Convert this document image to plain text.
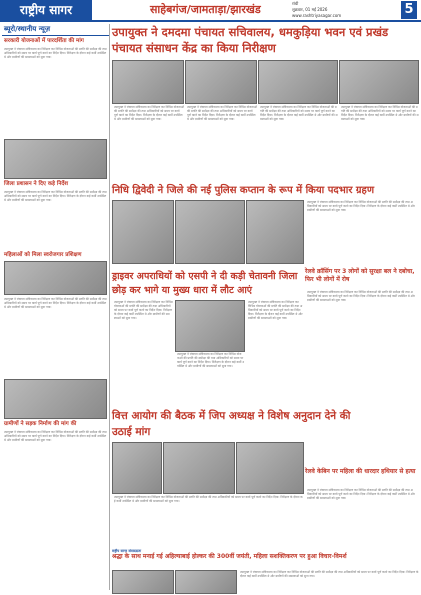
राष्ट्रीय सागर	साहेबगंज/जामताड़ा/झारखंड	रांची
शुक्रवार, 01 मई 2026
www.rashtriyasagar.com	5
ब्यूरो/स्थानीय न्यूज़
सरकारी योजनाओं में पारदर्शिता की मांग
उपायुक्त ने पंचायत सचिवालय का निरीक्षण कर विभिन्न योजनाओं की प्रगति की समीक्षा की तथा अधिकारियों को समय पर कार्य पूर्ण करने का निर्देश दिया। निरीक्षण के दौरान कई कर्मी उपस्थित थे और ग्रामीणों की समस्याओं को सुना गया।
जिला प्रशासन ने दिए कड़े निर्देश
उपायुक्त ने पंचायत सचिवालय का निरीक्षण कर विभिन्न योजनाओं की प्रगति की समीक्षा की तथा अधिकारियों को समय पर कार्य पूर्ण करने का निर्देश दिया। निरीक्षण के दौरान कई कर्मी उपस्थित थे और ग्रामीणों की समस्याओं को सुना गया।
महिलाओं को मिला स्वरोजगार प्रशिक्षण
उपायुक्त ने पंचायत सचिवालय का निरीक्षण कर विभिन्न योजनाओं की प्रगति की समीक्षा की तथा अधिकारियों को समय पर कार्य पूर्ण करने का निर्देश दिया। निरीक्षण के दौरान कई कर्मी उपस्थित थे और ग्रामीणों की समस्याओं को सुना गया।
ग्रामीणों ने सड़क निर्माण की मांग की
उपायुक्त ने पंचायत सचिवालय का निरीक्षण कर विभिन्न योजनाओं की प्रगति की समीक्षा की तथा अधिकारियों को समय पर कार्य पूर्ण करने का निर्देश दिया। निरीक्षण के दौरान कई कर्मी उपस्थित थे और ग्रामीणों की समस्याओं को सुना गया।
उपायुक्त ने दमदमा पंचायत सचिवालय, धमकुड़िया भवन एवं प्रखंड पंचायत संसाधन केंद्र का किया निरीक्षण
उपायुक्त ने पंचायत सचिवालय का निरीक्षण कर विभिन्न योजनाओं की प्रगति की समीक्षा की तथा अधिकारियों को समय पर कार्य पूर्ण करने का निर्देश दिया। निरीक्षण के दौरान कई कर्मी उपस्थित थे और ग्रामीणों की समस्याओं को सुना गया।
उपायुक्त ने पंचायत सचिवालय का निरीक्षण कर विभिन्न योजनाओं की प्रगति की समीक्षा की तथा अधिकारियों को समय पर कार्य पूर्ण करने का निर्देश दिया। निरीक्षण के दौरान कई कर्मी उपस्थित थे और ग्रामीणों की समस्याओं को सुना गया।
उपायुक्त ने पंचायत सचिवालय का निरीक्षण कर विभिन्न योजनाओं की प्रगति की समीक्षा की तथा अधिकारियों को समय पर कार्य पूर्ण करने का निर्देश दिया। निरीक्षण के दौरान कई कर्मी उपस्थित थे और ग्रामीणों की समस्याओं को सुना गया।
उपायुक्त ने पंचायत सचिवालय का निरीक्षण कर विभिन्न योजनाओं की प्रगति की समीक्षा की तथा अधिकारियों को समय पर कार्य पूर्ण करने का निर्देश दिया। निरीक्षण के दौरान कई कर्मी उपस्थित थे और ग्रामीणों की समस्याओं को सुना गया।
निधि द्विवेदी ने जिले की नई पुलिस कप्तान के रूप में किया पदभार ग्रहण
उपायुक्त ने पंचायत सचिवालय का निरीक्षण कर विभिन्न योजनाओं की प्रगति की समीक्षा की तथा अधिकारियों को समय पर कार्य पूर्ण करने का निर्देश दिया। निरीक्षण के दौरान कई कर्मी उपस्थित थे और ग्रामीणों की समस्याओं को सुना गया।
ड्राइवर अपराधियों को एसपी ने दी कड़ी चेतावनी जिला छोड़ कर भागे या मुख्य धारा में लौट आएं
उपायुक्त ने पंचायत सचिवालय का निरीक्षण कर विभिन्न योजनाओं की प्रगति की समीक्षा की तथा अधिकारियों को समय पर कार्य पूर्ण करने का निर्देश दिया। निरीक्षण के दौरान कई कर्मी उपस्थित थे और ग्रामीणों की समस्याओं को सुना गया।
उपायुक्त ने पंचायत सचिवालय का निरीक्षण कर विभिन्न योजनाओं की प्रगति की समीक्षा की तथा अधिकारियों को समय पर कार्य पूर्ण करने का निर्देश दिया। निरीक्षण के दौरान कई कर्मी उपस्थित थे और ग्रामीणों की समस्याओं को सुना गया।
उपायुक्त ने पंचायत सचिवालय का निरीक्षण कर विभिन्न योजनाओं की प्रगति की समीक्षा की तथा अधिकारियों को समय पर कार्य पूर्ण करने का निर्देश दिया। निरीक्षण के दौरान कई कर्मी उपस्थित थे और ग्रामीणों की समस्याओं को सुना गया।
रेलवे क्रॉसिंग पर 3 लोगों को सुरक्षा बल ने दबोचा, फिर भी लोगों में रोष
उपायुक्त ने पंचायत सचिवालय का निरीक्षण कर विभिन्न योजनाओं की प्रगति की समीक्षा की तथा अधिकारियों को समय पर कार्य पूर्ण करने का निर्देश दिया। निरीक्षण के दौरान कई कर्मी उपस्थित थे और ग्रामीणों की समस्याओं को सुना गया।
वित्त आयोग की बैठक में जिप अध्यक्ष ने विशेष अनुदान देने की उठाई मांग
उपायुक्त ने पंचायत सचिवालय का निरीक्षण कर विभिन्न योजनाओं की प्रगति की समीक्षा की तथा अधिकारियों को समय पर कार्य पूर्ण करने का निर्देश दिया। निरीक्षण के दौरान कई कर्मी उपस्थित थे और ग्रामीणों की समस्याओं को सुना गया।
राष्ट्रीय सागर संवाददाता
रेलवे केबिन पर महिला की धारदार हथियार से हत्या
उपायुक्त ने पंचायत सचिवालय का निरीक्षण कर विभिन्न योजनाओं की प्रगति की समीक्षा की तथा अधिकारियों को समय पर कार्य पूर्ण करने का निर्देश दिया। निरीक्षण के दौरान कई कर्मी उपस्थित थे और ग्रामीणों की समस्याओं को सुना गया।
श्रद्धा के साथ मनाई गई अहिल्याबाई होल्कर की 300वीं जयंती, महिला सशक्तिकरण पर हुआ विचार-विमर्श
उपायुक्त ने पंचायत सचिवालय का निरीक्षण कर विभिन्न योजनाओं की प्रगति की समीक्षा की तथा अधिकारियों को समय पर कार्य पूर्ण करने का निर्देश दिया। निरीक्षण के दौरान कई कर्मी उपस्थित थे और ग्रामीणों की समस्याओं को सुना गया।
